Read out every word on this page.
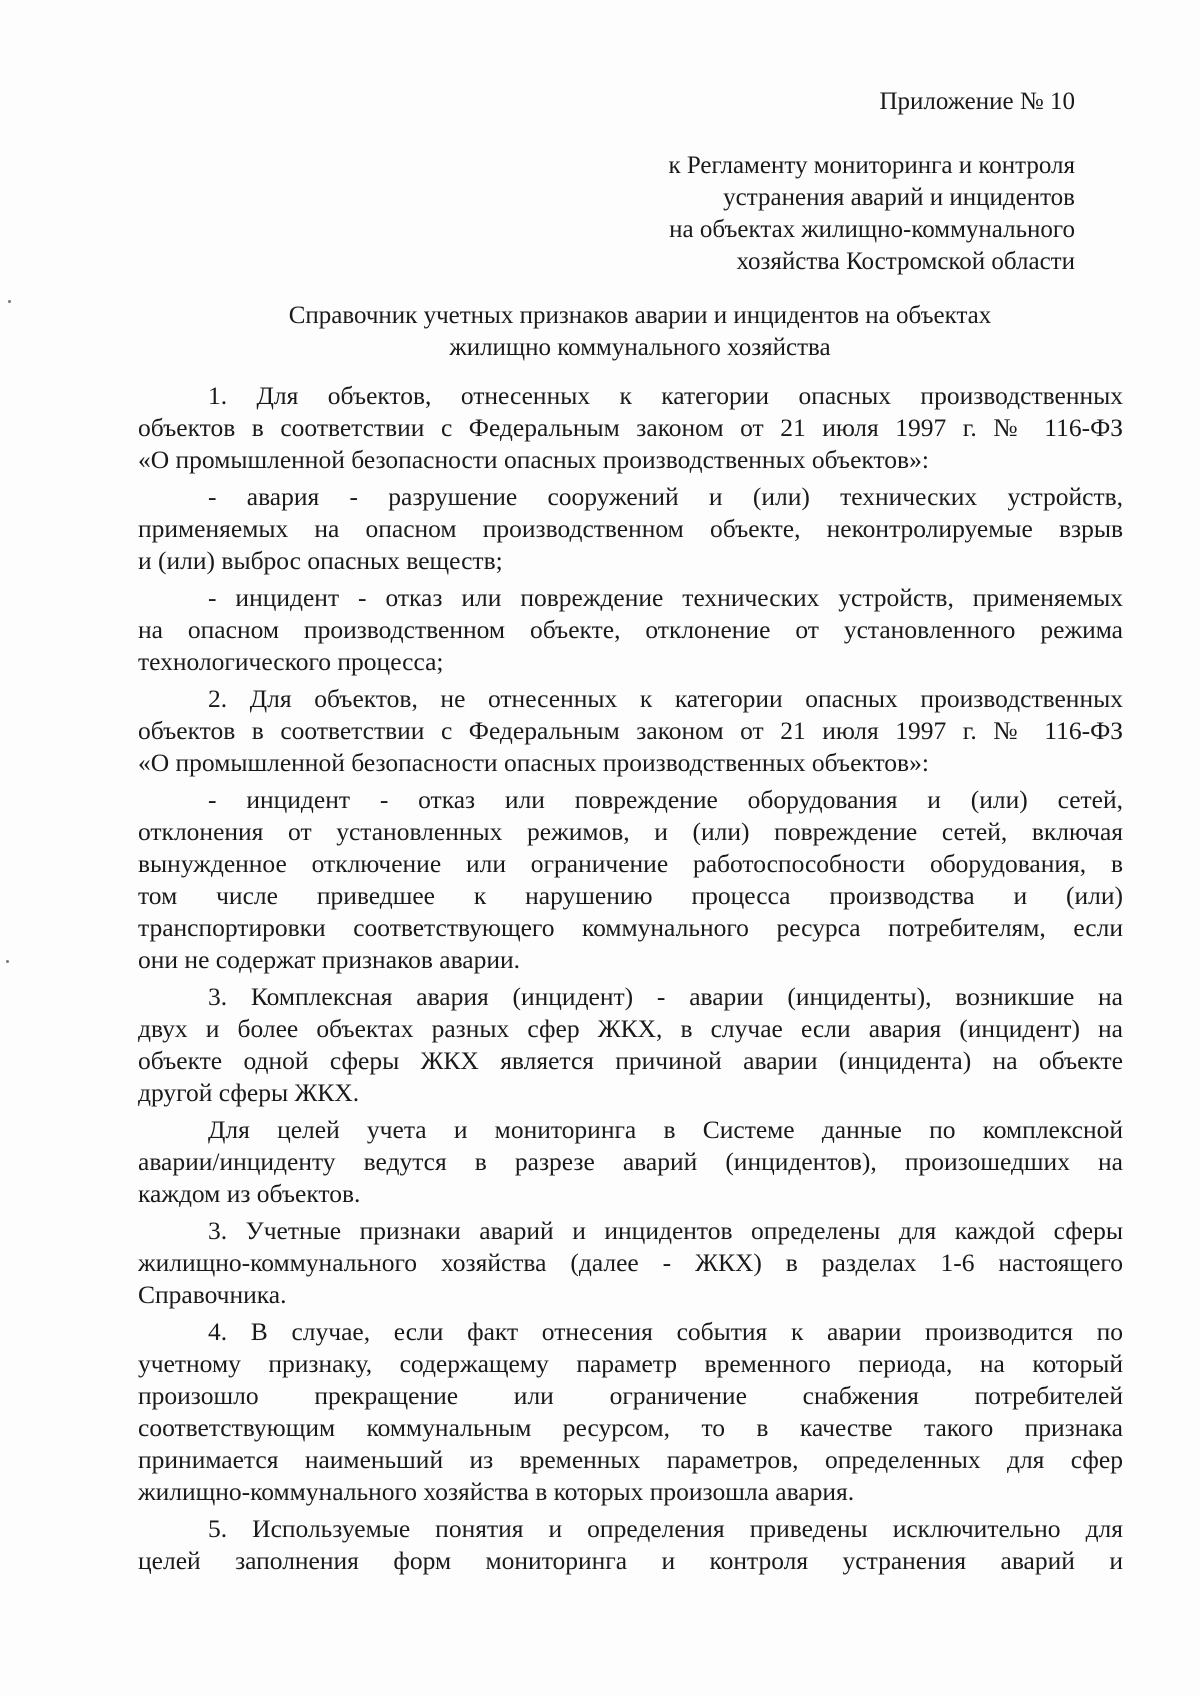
Приложение № 10
к Регламенту мониторинга и контроля
устранения аварий и инцидентов
на объектах жилищно-коммунального
хозяйства Костромской области
Справочник учетных признаков аварии и инцидентов на объектах
жилищно коммунального хозяйства
1. Для объектов, отнесенных к категории опасных производственных
объектов в соответствии с Федеральным законом от 21 июля 1997 г. № 116-ФЗ
«О промышленной безопасности опасных производственных объектов»:
- авария - разрушение сооружений и (или) технических устройств,
применяемых на опасном производственном объекте, неконтролируемые взрыв
и (или) выброс опасных веществ;
- инцидент - отказ или повреждение технических устройств, применяемых
на опасном производственном объекте, отклонение от установленного режима
технологического процесса;
2. Для объектов, не отнесенных к категории опасных производственных
объектов в соответствии с Федеральным законом от 21 июля 1997 г. № 116-ФЗ
«О промышленной безопасности опасных производственных объектов»:
- инцидент - отказ или повреждение оборудования и (или) сетей,
отклонения от установленных режимов, и (или) повреждение сетей, включая
вынужденное отключение или ограничение работоспособности оборудования, в
том числе приведшее к нарушению процесса производства и (или)
транспортировки соответствующего коммунального ресурса потребителям, если
они не содержат признаков аварии.
3. Комплексная авария (инцидент) - аварии (инциденты), возникшие на
двух и более объектах разных сфер ЖКХ, в случае если авария (инцидент) на
объекте одной сферы ЖКХ является причиной аварии (инцидента) на объекте
другой сферы ЖКХ.
Для целей учета и мониторинга в Системе данные по комплексной
аварии/инциденту ведутся в разрезе аварий (инцидентов), произошедших на
каждом из объектов.
3. Учетные признаки аварий и инцидентов определены для каждой сферы
жилищно-коммунального хозяйства (далее - ЖКХ) в разделах 1-6 настоящего
Справочника.
4. В случае, если факт отнесения события к аварии производится по
учетному признаку, содержащему параметр временного периода, на который
произошло прекращение или ограничение снабжения потребителей
соответствующим коммунальным ресурсом, то в качестве такого признака
принимается наименьший из временных параметров, определенных для сфер
жилищно-коммунального хозяйства в которых произошла авария.
5. Используемые понятия и определения приведены исключительно для
целей заполнения форм мониторинга и контроля устранения аварий и
